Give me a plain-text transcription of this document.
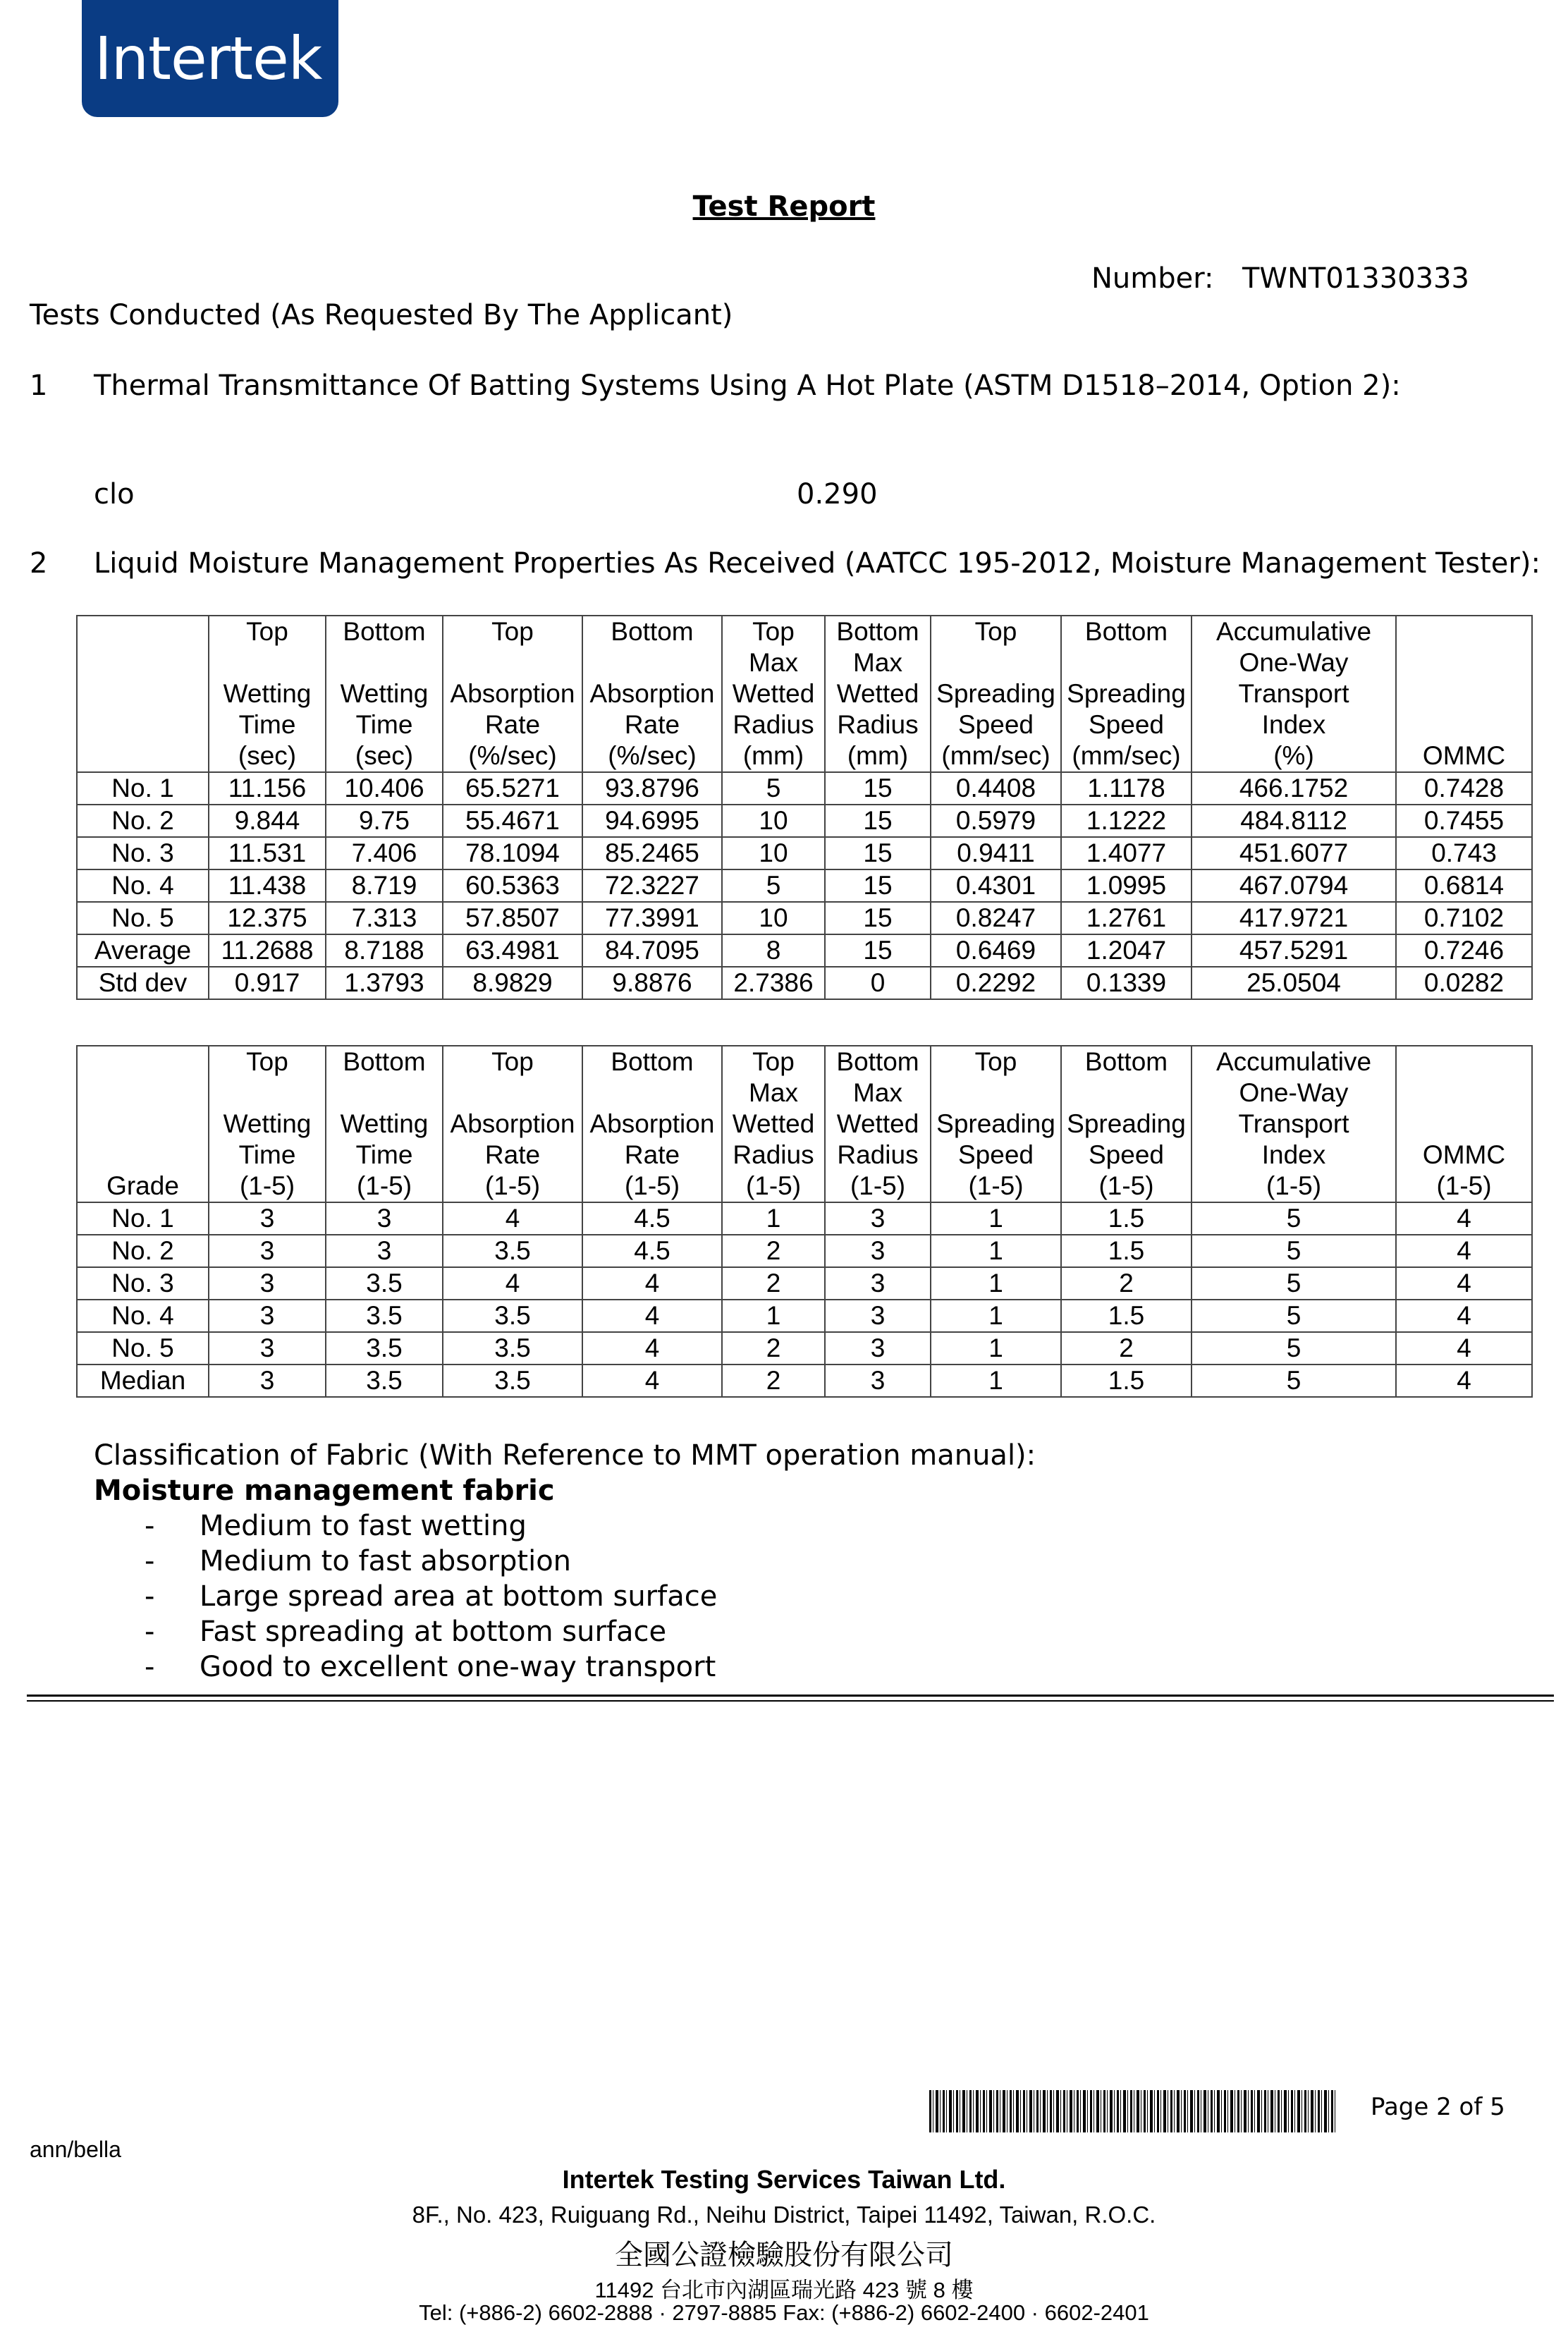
Intertek
Test Report
Number: TWNT01330333
Tests Conducted (As Requested By The Applicant)
1 Thermal Transmittance Of Batting Systems Using A Hot Plate (ASTM D1518–2014, Option 2):
clo	0.290
2 Liquid Moisture Management Properties As Received (AATCC 195-2012, Moisture Management Tester):
	Top

Wetting
Time
(sec)	Bottom

Wetting
Time
(sec)	Top

Absorption
Rate
(%/sec)	Bottom

Absorption
Rate
(%/sec)	Top
Max
Wetted
Radius
(mm)	Bottom
Max
Wetted
Radius
(mm)	Top

Spreading
Speed
(mm/sec)	Bottom

Spreading
Speed
(mm/sec)	Accumulative
One-Way
Transport
Index
(%)	

OMMC
No. 1	11.156	10.406	65.5271	93.8796	5	15	0.4408	1.1178	466.1752	0.7428
No. 2	9.844	9.75	55.4671	94.6995	10	15	0.5979	1.1222	484.8112	0.7455
No. 3	11.531	7.406	78.1094	85.2465	10	15	0.9411	1.4077	451.6077	0.743
No. 4	11.438	8.719	60.5363	72.3227	5	15	0.4301	1.0995	467.0794	0.6814
No. 5	12.375	7.313	57.8507	77.3991	10	15	0.8247	1.2761	417.9721	0.7102
Average	11.2688	8.7188	63.4981	84.7095	8	15	0.6469	1.2047	457.5291	0.7246
Std dev	0.917	1.3793	8.9829	9.8876	2.7386	0	0.2292	0.1339	25.0504	0.0282

Grade	Top

Wetting
Time
(1-5)	Bottom

Wetting
Time
(1-5)	Top

Absorption
Rate
(1-5)	Bottom

Absorption
Rate
(1-5)	Top
Max
Wetted
Radius
(1-5)	Bottom
Max
Wetted
Radius
(1-5)	Top

Spreading
Speed
(1-5)	Bottom

Spreading
Speed
(1-5)	Accumulative
One-Way
Transport
Index
(1-5)	

OMMC
(1-5)
No. 1	3	3	4	4.5	1	3	1	1.5	5	4
No. 2	3	3	3.5	4.5	2	3	1	1.5	5	4
No. 3	3	3.5	4	4	2	3	1	2	5	4
No. 4	3	3.5	3.5	4	1	3	1	1.5	5	4
No. 5	3	3.5	3.5	4	2	3	1	2	5	4
Median	3	3.5	3.5	4	2	3	1	1.5	5	4
Classification of Fabric (With Reference to MMT operation manual):
Moisture management fabric
- Medium to fast wetting
- Medium to fast absorption
- Large spread area at bottom surface
- Fast spreading at bottom surface
- Good to excellent one-way transport
Page 2 of 5
ann/bella
Intertek Testing Services Taiwan Ltd.
8F., No. 423, Ruiguang Rd., Neihu District, Taipei 11492, Taiwan, R.O.C.
全國公證檢驗股份有限公司
11492 台北市內湖區瑞光路 423 號 8 樓
Tel: (+886-2) 6602-2888 · 2797-8885 Fax: (+886-2) 6602-2400 · 6602-2401
